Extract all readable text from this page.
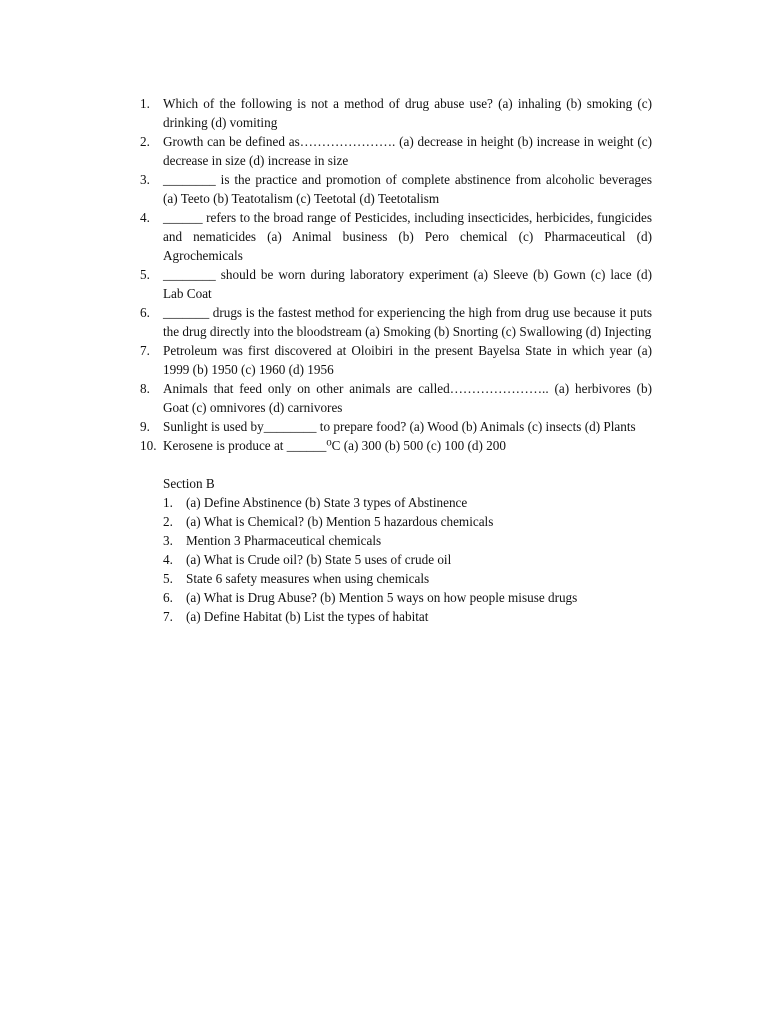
1. Which of the following is not a method of drug abuse use? (a) inhaling (b) smoking (c) drinking (d) vomiting
2. Growth can be defined as…………………. (a) decrease in height (b) increase in weight (c) decrease in size (d) increase in size
3. ________ is the practice and promotion of complete abstinence from alcoholic beverages (a) Teeto (b) Teatotalism (c) Teetotal (d) Teetotalism
4. ______ refers to the broad range of Pesticides, including insecticides, herbicides, fungicides and nematicides (a) Animal business (b) Pero chemical (c) Pharmaceutical (d) Agrochemicals
5. ________ should be worn during laboratory experiment (a) Sleeve (b) Gown (c) lace (d) Lab Coat
6. _______ drugs is the fastest method for experiencing the high from drug use because it puts the drug directly into the bloodstream (a) Smoking (b) Snorting (c) Swallowing (d) Injecting
7. Petroleum was first discovered at Oloibiri in the present Bayelsa State in which year (a) 1999 (b) 1950 (c) 1960 (d) 1956
8. Animals that feed only on other animals are called………………….. (a) herbivores (b) Goat (c) omnivores (d) carnivores
9. Sunlight is used by________ to prepare food? (a) Wood (b) Animals (c) insects (d) Plants
10. Kerosene is produce at ______⁰C (a) 300 (b) 500 (c) 100 (d) 200
Section B
1. (a) Define Abstinence (b) State 3 types of Abstinence
2. (a) What is Chemical? (b) Mention 5 hazardous chemicals
3. Mention 3 Pharmaceutical chemicals
4. (a) What is Crude oil? (b) State 5 uses of crude oil
5. State 6 safety measures when using chemicals
6. (a) What is Drug Abuse? (b) Mention 5 ways on how people misuse drugs
7. (a) Define Habitat (b) List the types of habitat
